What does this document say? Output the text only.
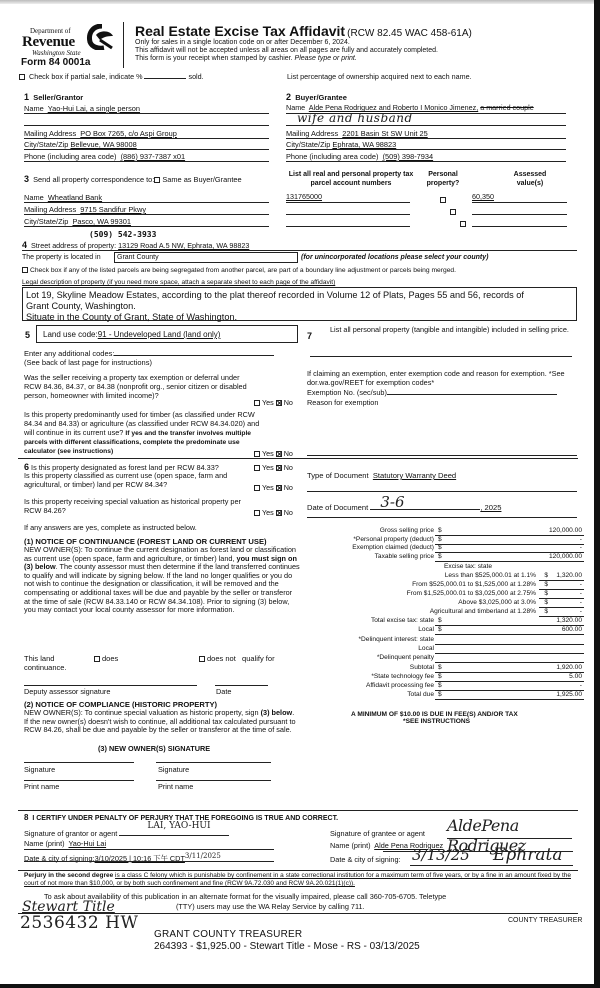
Department of
Revenue
Washington State
Form 84 0001a
Real Estate Excise Tax Affidavit (RCW 82.45 WAC 458-61A)
Only for sales in a single location code on or after December 6, 2024.
This affidavit will not be accepted unless all areas on all pages are fully and accurately completed.
This form is your receipt when stamped by cashier. Please type or print.
Check box if partial sale, indicate %	sold.	List percentage of ownership acquired next to each name.
1 Seller/Grantor
Name Yao-Hui Lai, a single person
Mailing Address PO Box 7265, c/o Aspi Group
City/State/Zip Bellevue, WA 98008
Phone (including area code) (886) 937-7387 x01
3 Send all property correspondence to: Same as Buyer/Grantee
Name Wheatland Bank
Mailing Address 9715 Sandifur Pkwy
City/State/Zip Pasco, WA 99301
(509) 542-3933
2 Buyer/Grantee
Name Alde Pena Rodriguez and Roberto I Monico Jimenez, a married couple
wife and husband
Mailing Address 2201 Basin St SW Unit 25
City/State/Zip Ephrata, WA 98823
Phone (including area code) (509) 398-7934
List all real and personal property tax parcel account numbers
Personal property?
Assessed value(s)
131765000
	60,350

4 Street address of property: 13129 Road A.5 NW, Ephrata, WA 98823
The property is located in	Grant County	(for unincorporated locations please select your county)
Check box if any of the listed parcels are being segregated from another parcel, are part of a boundary line adjustment or parcels being merged.
Legal description of property (if you need more space, attach a separate sheet to each page of the affidavit)
Lot 19, Skyline Meadow Estates, according to the plat thereof recorded in Volume 12 of Plats, Pages 55 and 56, records of
Grant County, Washington.
Situate in the County of Grant, State of Washington.
5	Land use code:91 - Undeveloped Land (land only)
Enter any additional codes:
(See back of last page for instructions)
Was the seller receiving a property tax exemption or deferral under RCW 84.36, 84.37, or 84.38 (nonprofit org., senior citizen or disabled person, homeowner with limited income)?
Yes No
Is this property predominantly used for timber (as classified under RCW 84.34 and 84.33) or agriculture (as classified under RCW 84.34.020) and will continue in its current use? If yes and the transfer involves multiple parcels with different classifications, complete the predominate use calculator (see instructions)	Yes No
6 Is this property designated as forest land per RCW 84.33?	Yes No
Is this property classified as current use (open space, farm and agricultural, or timber) land per RCW 84.34?	Yes No
Is this property receiving special valuation as historical property per RCW 84.26?	Yes No
7
List all personal property (tangible and intangible) included in selling price.
If claiming an exemption, enter exemption code and reason for exemption. *See dor.wa.gov/REET for exemption codes*
Exemption No. (sec/sub)
Reason for exemption
Type of Document Statutory Warranty Deed
Date of Document 3-6	, 2025
If any answers are yes, complete as instructed below.
(1) NOTICE OF CONTINUANCE (FOREST LAND OR CURRENT USE)
NEW OWNER(S): To continue the current designation as forest land or classification as current use (open space, farm and agriculture, or timber) land, you must sign on (3) below. The county assessor must then determine if the land transferred continues to qualify and will indicate by signing below. If the land no longer qualifies or you do not wish to continue the designation or classification, it will be removed and the compensating or additional taxes will be due and payable by the seller or transferor at the time of sale (RCW 84.33.140 or RCW 84.34.108). Prior to signing (3) below, you may contact your local county assessor for more information.
This land	does	does not qualify for
continuance.
Deputy assessor signature	Date
(2) NOTICE OF COMPLIANCE (HISTORIC PROPERTY)
NEW OWNER(S): To continue special valuation as historic property, sign (3) below. If the new owner(s) doesn't wish to continue, all additional tax calculated pursuant to RCW 84.26, shall be due and payable by the seller or transferor at the time of sale.
(3) NEW OWNER(S) SIGNATURE
Signature	Signature
Print name	Print name
Gross selling price $	120,000.00
*Personal property (deduct) $	-
Exemption claimed (deduct) $	-
Taxable selling price $	120,000.00
Excise tax: state
Less than $525,000.01 at 1.1% $ 1,320.00
From $525,000.01 to $1,525,000 at 1.28% $	-
From $1,525,000.01 to $3,025,000 at 2.75% $	-
Above $3,025,000 at 3.0% $	-
Agricultural and timberland at 1.28% $	-
Total excise tax: state $	1,320.00
Local $	600.00
*Delinquent interest: state
Local
*Delinquent penalty
Subtotal $	1,920.00
*State technology fee $	5.00
Affidavit processing fee $	-
Total due $	1,925.00
A MINIMUM OF $10.00 IS DUE IN FEE(S) AND/OR TAX
*SEE INSTRUCTIONS
8 I CERTIFY UNDER PENALTY OF PERJURY THAT THE FOREGOING IS TRUE AND CORRECT.
Signature of grantor or agent
LAI, YAO-HUI
Name (print) Yao-Hui Lai
Date & city of signing:3/10/2025 | 10:16 下午 CDT3/11/2025
Signature of grantee or agent AldePena Rodriguez
Name (print) Alde Pena Rodriguez
Date & city of signing: 3/13/25 Ephrata
Perjury in the second degree is a class C felony which is punishable by confinement in a state correctional institution for a maximum term of five years, or by a fine in an amount fixed by the court of not more than $10,000, or by both such confinement and fine (RCW 9A.72.030 and RCW 9A.20.021(1)(c)).
To ask about availability of this publication in an alternate format for the visually impaired, please call 360-705-6705. Teletype
Stewart Title	(TTY) users may use the WA Relay Service by calling 711.
2536432 HW	COUNTY TREASURER
GRANT COUNTY TREASURER
264393 - $1,925.00 - Stewart Title - Mose - RS - 03/13/2025
